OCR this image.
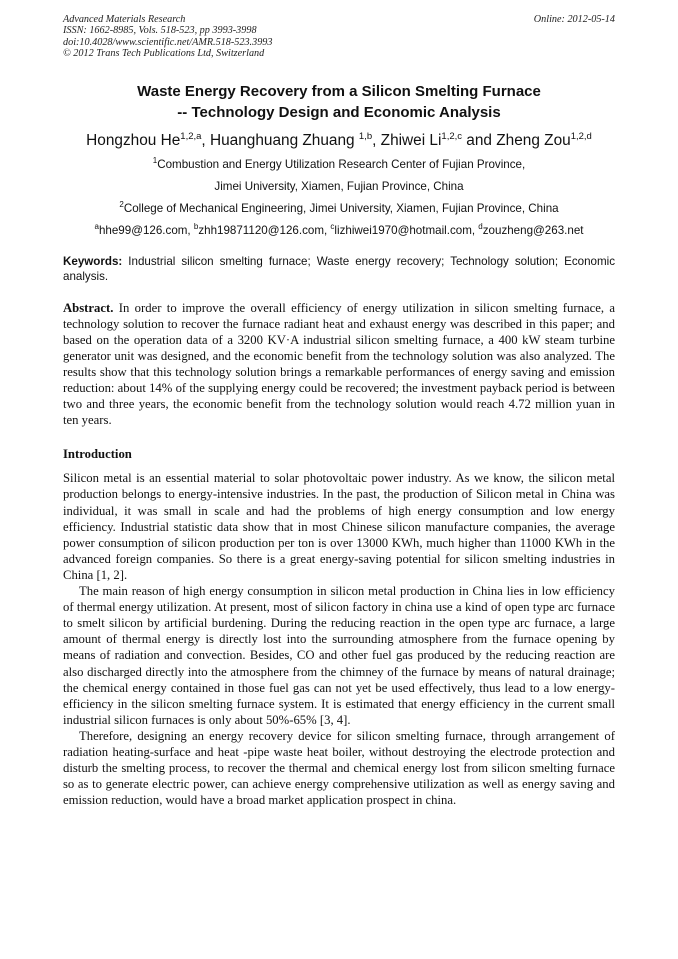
Advanced Materials Research
ISSN: 1662-8985, Vols. 518-523, pp 3993-3998
doi:10.4028/www.scientific.net/AMR.518-523.3993
© 2012 Trans Tech Publications Ltd, Switzerland
Online: 2012-05-14
Waste Energy Recovery from a Silicon Smelting Furnace
-- Technology Design and Economic Analysis
Hongzhou He$^{1,2,a}$, Huanghuang Zhuang $^{1,b}$, Zhiwei Li$^{1,2,c}$ and Zheng Zou$^{1,2,d}$
$^1$Combustion and Energy Utilization Research Center of Fujian Province,
Jimei University, Xiamen, Fujian Province, China
$^2$College of Mechanical Engineering, Jimei University, Xiamen, Fujian Province, China
$^a$hhe99@126.com, $^b$zhh19871120@126.com, $^c$lizhiwei1970@hotmail.com, $^d$zouzheng@263.net
Keywords: Industrial silicon smelting furnace; Waste energy recovery; Technology solution; Economic analysis.
Abstract. In order to improve the overall efficiency of energy utilization in silicon smelting furnace, a technology solution to recover the furnace radiant heat and exhaust energy was described in this paper; and based on the operation data of a 3200 KV·A industrial silicon smelting furnace, a 400 kW steam turbine generator unit was designed, and the economic benefit from the technology solution was also analyzed. The results show that this technology solution brings a remarkable performances of energy saving and emission reduction: about 14% of the supplying energy could be recovered; the investment payback period is between two and three years, the economic benefit from the technology solution would reach 4.72 million yuan in ten years.
Introduction
Silicon metal is an essential material to solar photovoltaic power industry. As we know, the silicon metal production belongs to energy-intensive industries. In the past, the production of Silicon metal in China was individual, it was small in scale and had the problems of high energy consumption and low energy efficiency. Industrial statistic data show that in most Chinese silicon manufacture companies, the average power consumption of silicon production per ton is over 13000 KWh, much higher than 11000 KWh in the advanced foreign companies. So there is a great energy-saving potential for silicon smelting industries in China [1, 2].
The main reason of high energy consumption in silicon metal production in China lies in low efficiency of thermal energy utilization. At present, most of silicon factory in china use a kind of open type arc furnace to smelt silicon by artificial burdening. During the reducing reaction in the open type arc furnace, a large amount of thermal energy is directly lost into the surrounding atmosphere from the furnace opening by means of radiation and convection. Besides, CO and other fuel gas produced by the reducing reaction are also discharged directly into the atmosphere from the chimney of the furnace by means of natural drainage; the chemical energy contained in those fuel gas can not yet be used effectively, thus lead to a low energy-efficiency in the silicon smelting furnace system. It is estimated that energy efficiency in the current small industrial silicon furnaces is only about 50%-65% [3, 4].
Therefore, designing an energy recovery device for silicon smelting furnace, through arrangement of radiation heating-surface and heat -pipe waste heat boiler, without destroying the electrode protection and disturb the smelting process, to recover the thermal and chemical energy lost from silicon smelting furnace so as to generate electric power, can achieve energy comprehensive utilization as well as energy saving and emission reduction, would have a broad market application prospect in china.
